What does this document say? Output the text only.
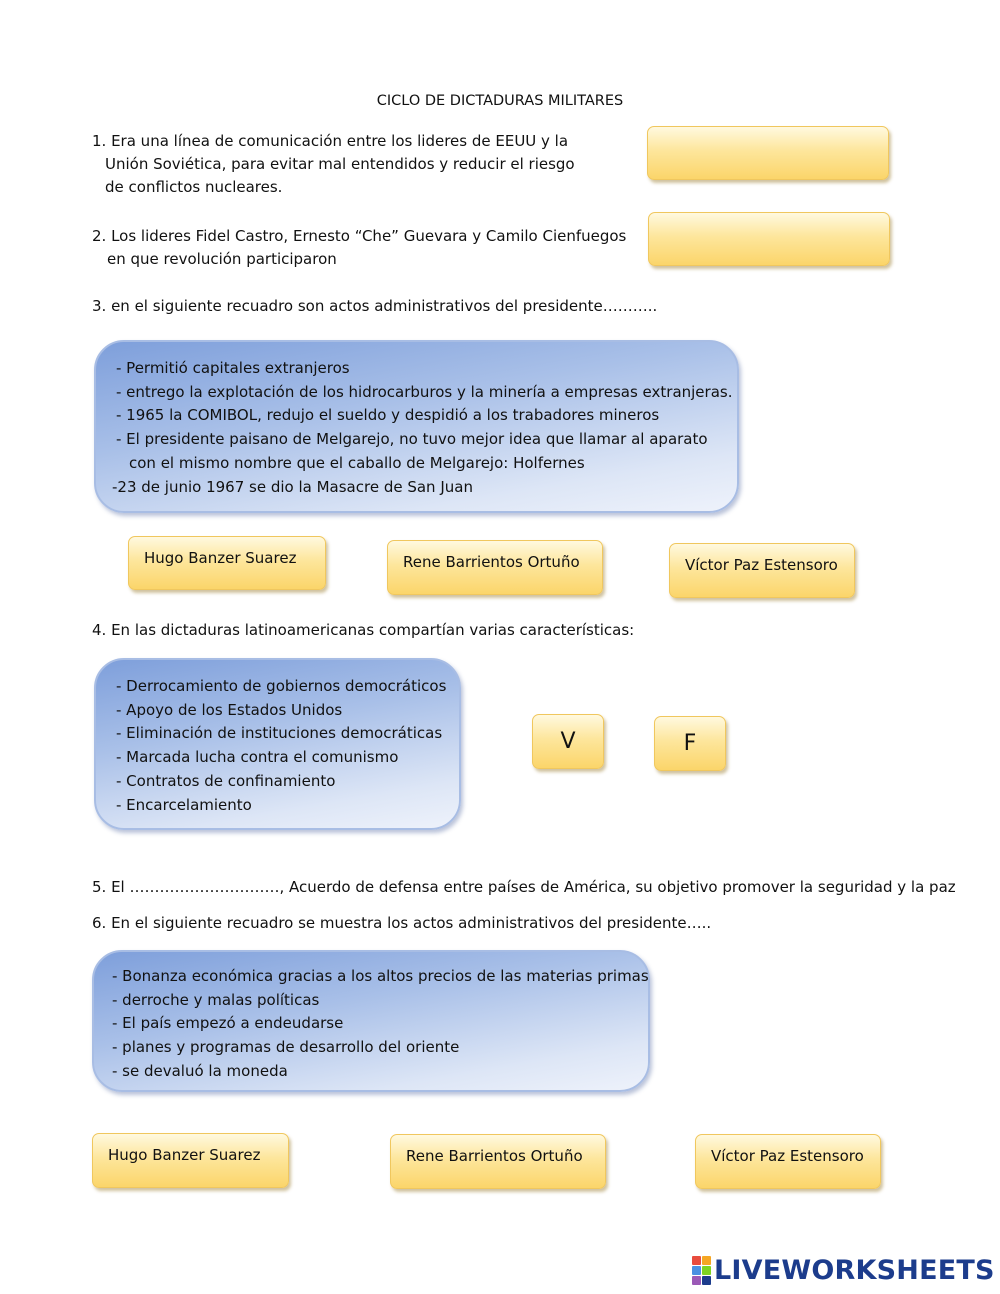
CICLO DE DICTADURAS MILITARES
1. Era una línea de comunicación entre los lideres de EEUU y la
Unión Soviética, para evitar mal entendidos y reducir el riesgo
de conflictos nucleares.
2. Los lideres Fidel Castro, Ernesto “Che” Guevara y Camilo Cienfuegos
en que revolución participaron
3. en el siguiente recuadro son actos administrativos del presidente………..
- Permitió capitales extranjeros
- entrego la explotación de los hidrocarburos y la minería a empresas extranjeras.
- 1965 la COMIBOL, redujo el sueldo y despidió a los trabadores mineros
- El presidente paisano de Melgarejo, no tuvo mejor idea que llamar al aparato
con el mismo nombre que el caballo de Melgarejo: Holfernes
-23 de junio 1967 se dio la Masacre de San Juan
Hugo Banzer Suarez	Rene Barrientos Ortuño	Víctor Paz Estensoro
4. En las dictaduras latinoamericanas compartían varias características:
- Derrocamiento de gobiernos democráticos
- Apoyo de los Estados Unidos
- Eliminación de instituciones democráticas
- Marcada lucha contra el comunismo
- Contratos de confinamiento
- Encarcelamiento
V	F
5. El …………………………, Acuerdo de defensa entre países de América, su objetivo promover la seguridad y la paz
6. En el siguiente recuadro se muestra los actos administrativos del presidente…..
- Bonanza económica gracias a los altos precios de las materias primas
- derroche y malas políticas
- El país empezó a endeudarse
- planes y programas de desarrollo del oriente
- se devaluó la moneda
Hugo Banzer Suarez	Rene Barrientos Ortuño	Víctor Paz Estensoro
LIVEWORKSHEETS
